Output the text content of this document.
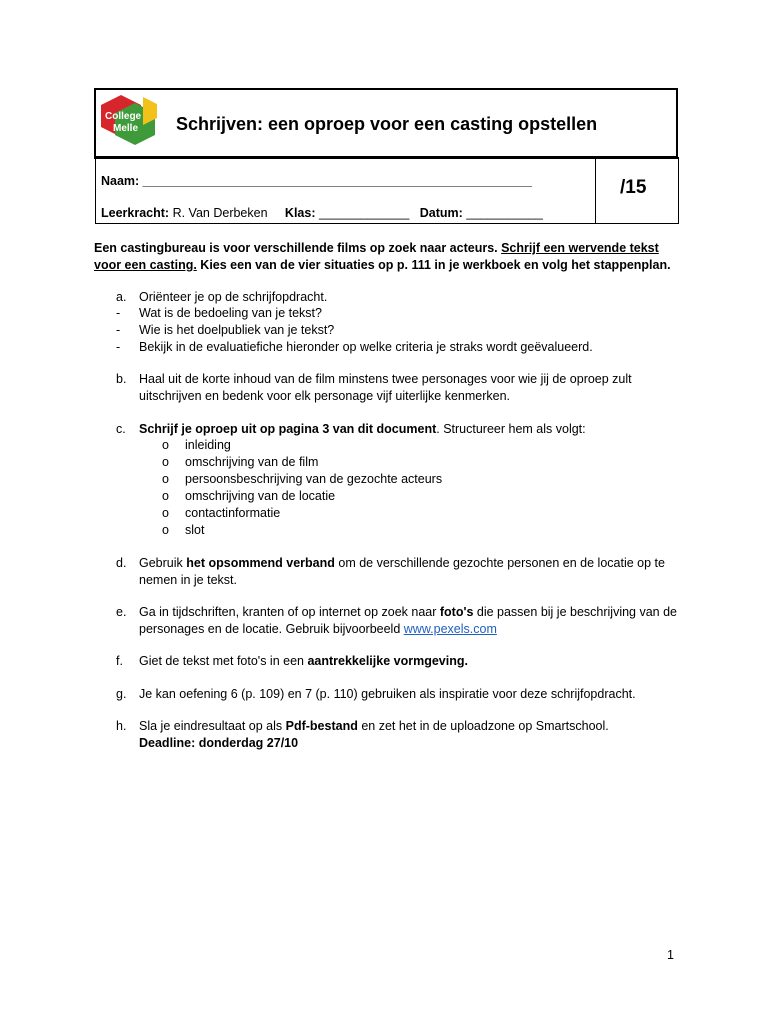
College
Melle Schrijven: een oproep voor een casting opstellen
Naam: ________________________________________________________
Leerkracht: R. Van Derbeken Klas: _____________ Datum: ___________
/15
Een castingbureau is voor verschillende films op zoek naar acteurs. Schrijf een wervende tekst voor een casting. Kies een van de vier situaties op p. 111 in je werkboek en volg het stappenplan.
a.	Oriënteer je op de schrijfopdracht.
- Wat is de bedoeling van je tekst?
- Wie is het doelpubliek van je tekst?
- Bekijk in de evaluatiefiche hieronder op welke criteria je straks wordt geëvalueerd.
b.	Haal uit de korte inhoud van de film minstens twee personages voor wie jij de oproep zult uitschrijven en bedenk voor elk personage vijf uiterlijke kenmerken.
c.	Schrijf je oproep uit op pagina 3 van dit document. Structureer hem als volgt:
o inleiding
o omschrijving van de film
o persoonsbeschrijving van de gezochte acteurs
o omschrijving van de locatie
o contactinformatie
o slot
d.	Gebruik het opsommend verband om de verschillende gezochte personen en de locatie op te nemen in je tekst.
e.	Ga in tijdschriften, kranten of op internet op zoek naar foto's die passen bij je beschrijving van de personages en de locatie. Gebruik bijvoorbeeld www.pexels.com
f.	Giet de tekst met foto's in een aantrekkelijke vormgeving.
g.	Je kan oefening 6 (p. 109) en 7 (p. 110) gebruiken als inspiratie voor deze schrijfopdracht.
h.	Sla je eindresultaat op als Pdf-bestand en zet het in de uploadzone op Smartschool.
Deadline: donderdag 27/10
1
